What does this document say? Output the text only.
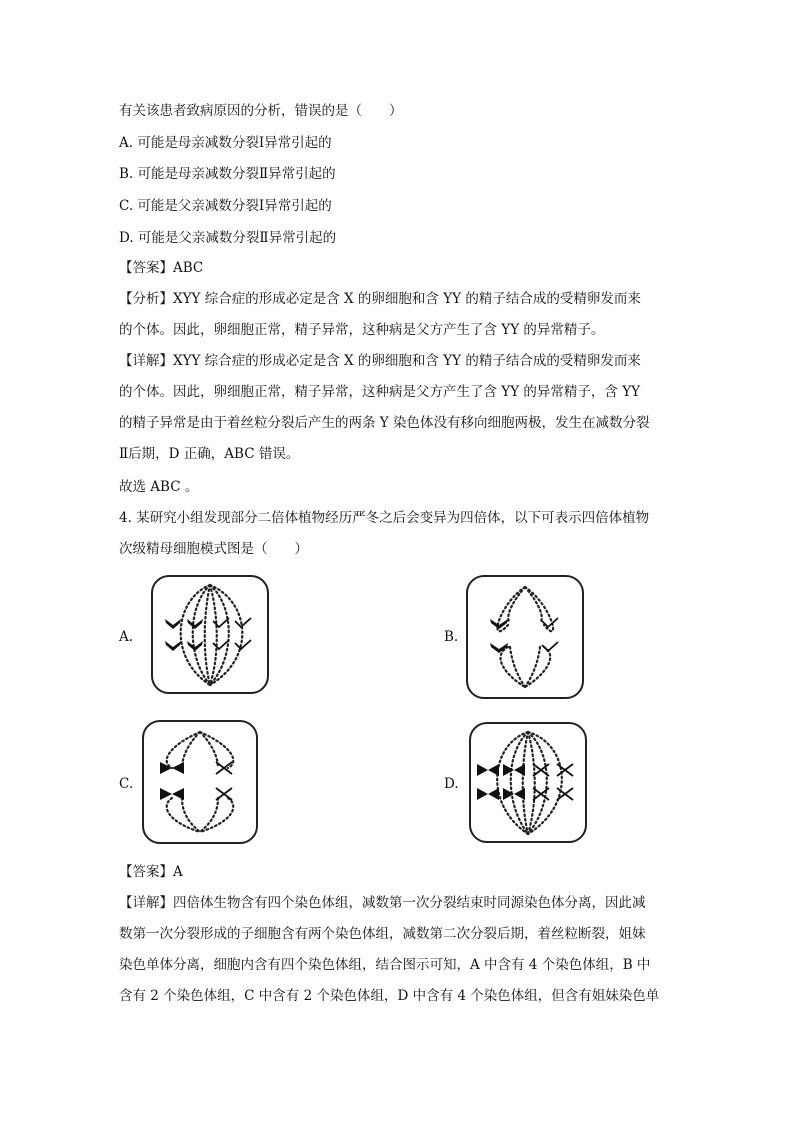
有关该患者致病原因的分析，错误的是（　　）
A. 可能是母亲减数分裂Ⅰ异常引起的
B. 可能是母亲减数分裂Ⅱ异常引起的
C. 可能是父亲减数分裂Ⅰ异常引起的
D. 可能是父亲减数分裂Ⅱ异常引起的
【答案】ABC
【分析】XYY 综合症的形成必定是含 X 的卵细胞和含 YY 的精子结合成的受精卵发而来
的个体。因此，卵细胞正常，精子异常，这种病是父方产生了含 YY 的异常精子。
【详解】XYY 综合症的形成必定是含 X 的卵细胞和含 YY 的精子结合成的受精卵发而来
的个体。因此，卵细胞正常，精子异常，这种病是父方产生了含 YY 的异常精子，含 YY
的精子异常是由于着丝粒分裂后产生的两条 Y 染色体没有移向细胞两极，发生在减数分裂
Ⅱ后期，D 正确，ABC 错误。
故选 ABC 。
4. 某研究小组发现部分二倍体植物经历严冬之后会变异为四倍体，以下可表示四倍体植物
次级精母细胞模式图是（　　）
A.	B.
C.	D.
【答案】A
【详解】四倍体生物含有四个染色体组，减数第一次分裂结束时同源染色体分离，因此减
数第一次分裂形成的子细胞含有两个染色体组，减数第二次分裂后期，着丝粒断裂，姐妹
染色单体分离，细胞内含有四个染色体组，结合图示可知，A 中含有 4 个染色体组，B 中
含有 2 个染色体组，C 中含有 2 个染色体组，D 中含有 4 个染色体组，但含有姐妹染色单
